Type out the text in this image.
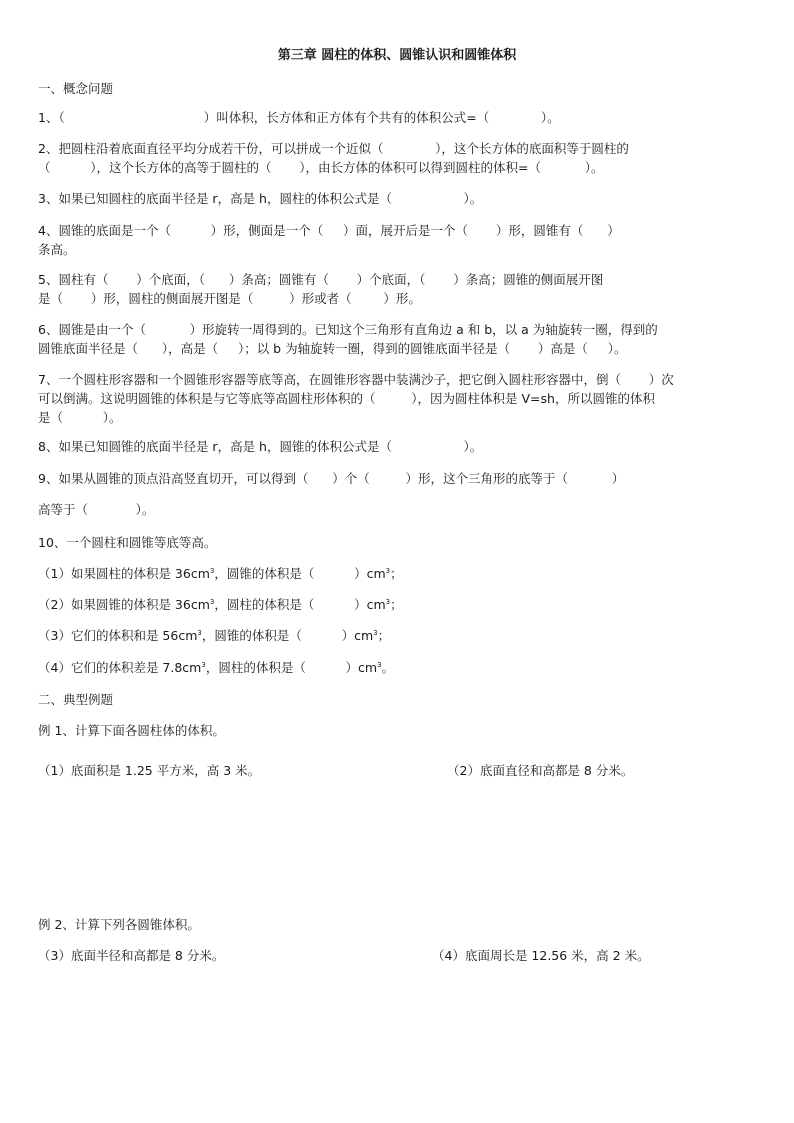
第三章 圆柱的体积、圆锥认识和圆锥体积
一、概念问题
1、（                                   ）叫体积，长方体和正方体有个共有的体积公式=（             ）。
2、把圆柱沿着底面直径平均分成若干份，可以拼成一个近似（             ），这个长方体的底面积等于圆柱的
（          ），这个长方体的高等于圆柱的（       ），由长方体的体积可以得到圆柱的体积=（           ）。
3、如果已知圆柱的底面半径是 r，高是 h，圆柱的体积公式是（                  ）。
4、圆锥的底面是一个（          ）形，侧面是一个（     ）面，展开后是一个（       ）形，圆锥有（      ）
条高。
5、圆柱有（       ）个底面，（      ）条高；圆锥有（       ）个底面，（       ）条高；圆锥的侧面展开图
是（       ）形，圆柱的侧面展开图是（         ）形或者（        ）形。
6、圆锥是由一个（           ）形旋转一周得到的。已知这个三角形有直角边 a 和 b，以 a 为轴旋转一圈，得到的
圆锥底面半径是（      ），高是（     ）；以 b 为轴旋转一圈，得到的圆锥底面半径是（       ）高是（     ）。
7、一个圆柱形容器和一个圆锥形容器等底等高，在圆锥形容器中装满沙子，把它倒入圆柱形容器中，倒（       ）次
可以倒满。这说明圆锥的体积是与它等底等高圆柱形体积的（         ），因为圆柱体积是 V=sh，所以圆锥的体积
是（          ）。
8、如果已知圆锥的底面半径是 r，高是 h，圆锥的体积公式是（                  ）。
9、如果从圆锥的顶点沿高竖直切开，可以得到（      ）个（         ）形，这个三角形的底等于（           ）
高等于（            ）。
10、一个圆柱和圆锥等底等高。
（1）如果圆柱的体积是 $36cm^3$，圆锥的体积是（          ）$cm^3$；
（2）如果圆锥的体积是 $36cm^3$，圆柱的体积是（          ）$cm^3$；
（3）它们的体积和是 $56cm^3$，圆锥的体积是（          ）$cm^3$；
（4）它们的体积差是 $7.8cm^3$，圆柱的体积是（          ）$cm^3$。
二、典型例题
例 1、计算下面各圆柱体的体积。
（1）底面积是 1.25 平方米，高 3 米。	（2）底面直径和高都是 8 分米。
例 2、计算下列各圆锥体积。
（3）底面半径和高都是 8 分米。	（4）底面周长是 12.56 米，高 2 米。
